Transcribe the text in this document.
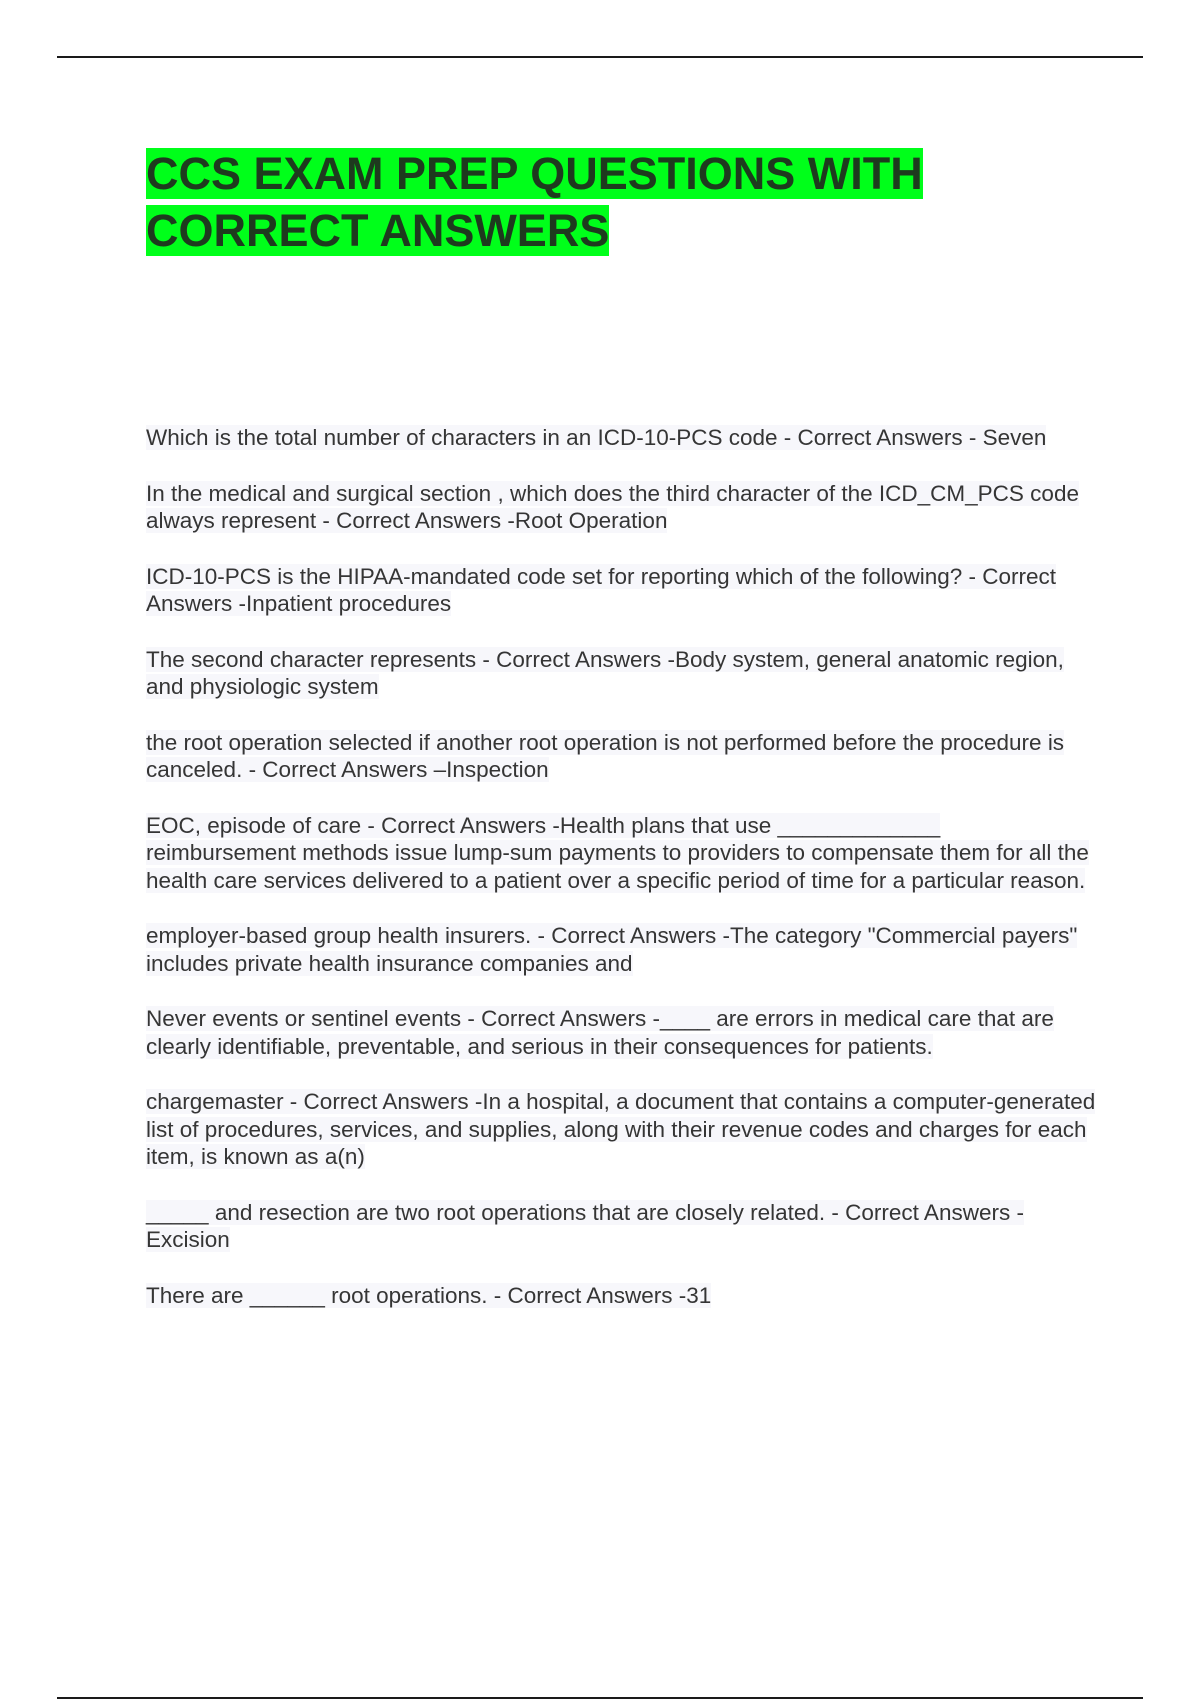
CCS EXAM PREP QUESTIONS WITH CORRECT ANSWERS

Which is the total number of characters in an ICD-10-PCS code - Correct Answers - Seven

In the medical and surgical section , which does the third character of the ICD_CM_PCS code always represent - Correct Answers -Root Operation

ICD-10-PCS is the HIPAA-mandated code set for reporting which of the following? - Correct Answers -Inpatient procedures

The second character represents - Correct Answers -Body system, general anatomic region, and physiologic system

the root operation selected if another root operation is not performed before the procedure is canceled. - Correct Answers –Inspection

EOC, episode of care - Correct Answers -Health plans that use _____________ reimbursement methods issue lump-sum payments to providers to compensate them for all the health care services delivered to a patient over a specific period of time for a particular reason.

employer-based group health insurers. - Correct Answers -The category "Commercial payers" includes private health insurance companies and

Never events or sentinel events - Correct Answers -____ are errors in medical care that are clearly identifiable, preventable, and serious in their consequences for patients.

chargemaster - Correct Answers -In a hospital, a document that contains a computer-generated list of procedures, services, and supplies, along with their revenue codes and charges for each item, is known as a(n)

_____ and resection are two root operations that are closely related. - Correct Answers -Excision

There are ______ root operations. - Correct Answers -31
